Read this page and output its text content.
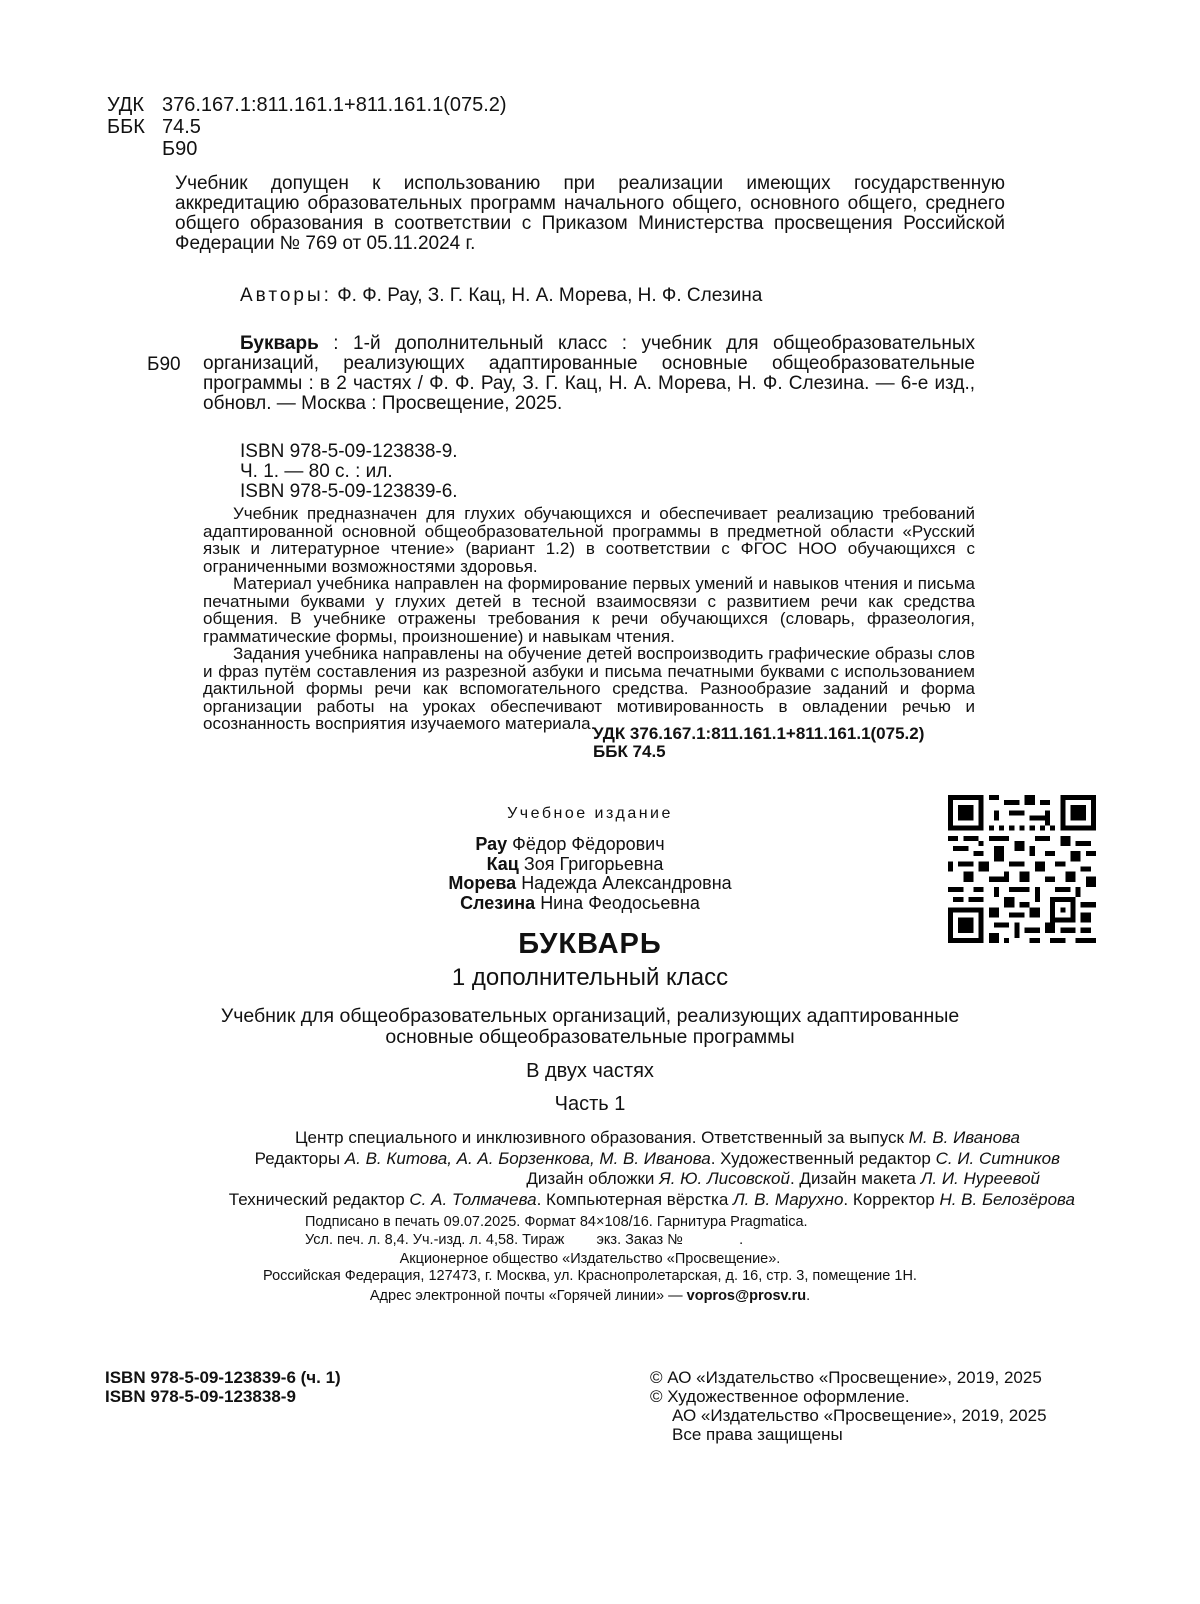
УДК 376.167.1:811.161.1+811.161.1(075.2)
ББК 74.5
Б90
Учебник допущен к использованию при реализации имеющих государственную аккредитацию образовательных программ начального общего, основного общего, среднего общего образования в соответствии с Приказом Министерства просвещения Российской Федерации № 769 от 05.11.2024 г.
Авторы: Ф. Ф. Рау, З. Г. Кац, Н. А. Морева, Н. Ф. Слезина
Б90
Букварь : 1-й дополнительный класс : учебник для общеобразовательных организаций, реализующих адаптированные основные общеобразовательные программы : в 2 частях / Ф. Ф. Рау, З. Г. Кац, Н. А. Морева, Н. Ф. Слезина. — 6-е изд., обновл. — Москва : Просвещение, 2025.
ISBN 978-5-09-123838-9.
Ч. 1. — 80 с. : ил.
ISBN 978-5-09-123839-6.
Учебник предназначен для глухих обучающихся и обеспечивает реализацию требований адаптированной основной общеобразовательной программы в предметной области «Русский язык и литературное чтение» (вариант 1.2) в соответствии с ФГОС НОО обучающихся с ограниченными возможностями здоровья.
Материал учебника направлен на формирование первых умений и навыков чтения и письма печатными буквами у глухих детей в тесной взаимосвязи с развитием речи как средства общения. В учебнике отражены требования к речи обучающихся (словарь, фразеология, грамматические формы, произношение) и навыкам чтения.
Задания учебника направлены на обучение детей воспроизводить графические образы слов и фраз путём составления из разрезной азбуки и письма печатными буквами с использованием дактильной формы речи как вспомогательного средства. Разнообразие заданий и форма организации работы на уроках обеспечивают мотивированность в овладении речью и осознанность восприятия изучаемого материала.
УДК 376.167.1:811.161.1+811.161.1(075.2)
ББК 74.5
Учебное издание
Рау Фёдор Фёдорович
Кац Зоя Григорьевна
Морева Надежда Александровна
Слезина Нина Феодосьевна
БУКВАРЬ
1 дополнительный класс
Учебник для общеобразовательных организаций, реализующих адаптированные
основные общеобразовательные программы
В двух частях
Часть 1
Центр специального и инклюзивного образования. Ответственный за выпуск М. В. Иванова
Редакторы А. В. Китова, А. А. Борзенкова, М. В. Иванова. Художественный редактор С. И. Ситников
Дизайн обложки Я. Ю. Лисовской. Дизайн макета Л. И. Нуреевой
Технический редактор С. А. Толмачева. Компьютерная вёрстка Л. В. Марухно. Корректор Н. В. Белозёрова
Подписано в печать 09.07.2025. Формат 84×108/16. Гарнитура Pragmatica.
Усл. печ. л. 8,4. Уч.-изд. л. 4,58. Тираж        экз. Заказ №              .
Акционерное общество «Издательство «Просвещение».
Российская Федерация, 127473, г. Москва, ул. Краснопролетарская, д. 16, стр. 3, помещение 1Н.
Адрес электронной почты «Горячей линии» — vopros@prosv.ru.
ISBN 978-5-09-123839-6 (ч. 1)
ISBN 978-5-09-123838-9
© АО «Издательство «Просвещение», 2019, 2025
© Художественное оформление.
АО «Издательство «Просвещение», 2019, 2025
Все права защищены
